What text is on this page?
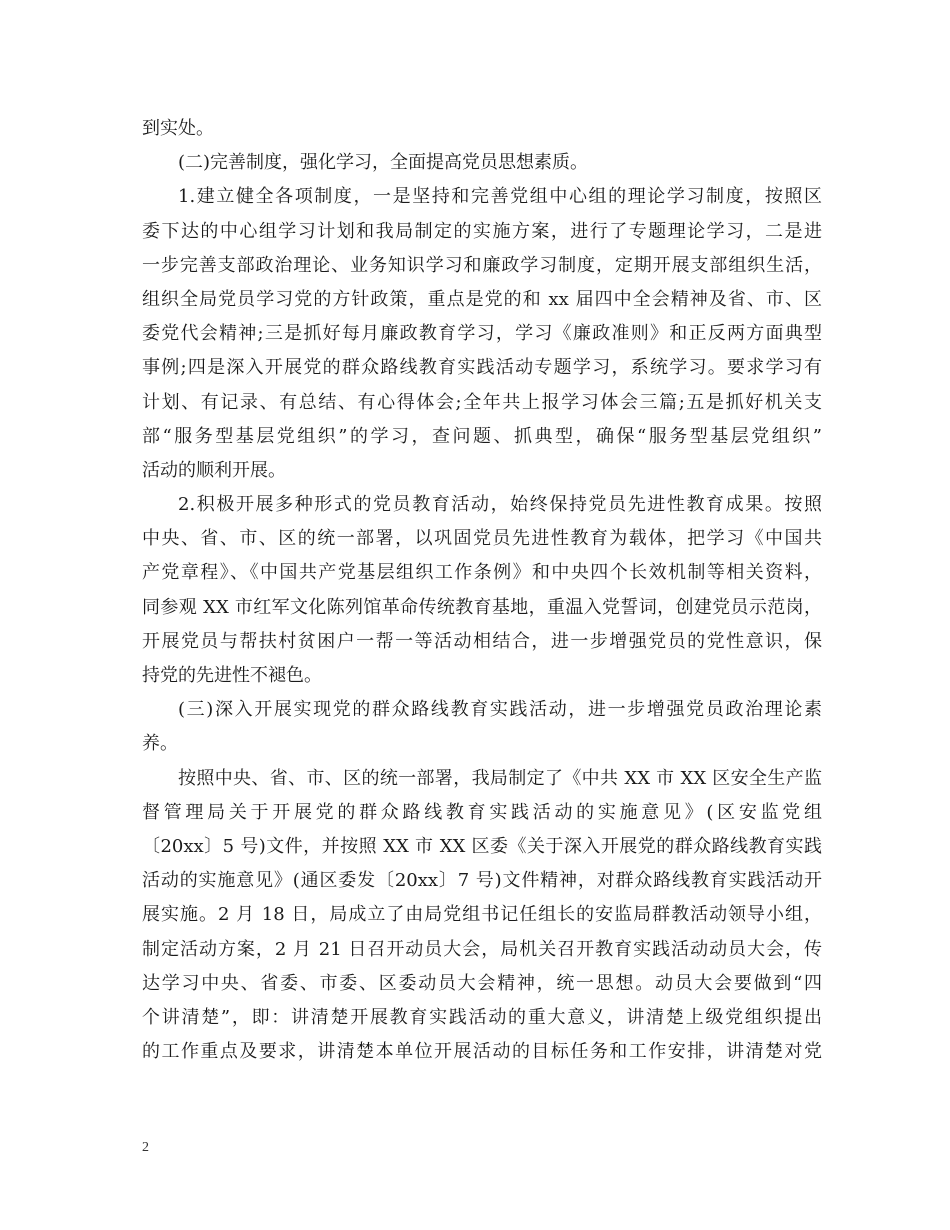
到实处。
(二)完善制度，强化学习，全面提高党员思想素质。
1.建立健全各项制度，一是坚持和完善党组中心组的理论学习制度，按照区
委下达的中心组学习计划和我局制定的实施方案，进行了专题理论学习，二是进
一步完善支部政治理论、业务知识学习和廉政学习制度，定期开展支部组织生活，
组织全局党员学习党的方针政策，重点是党的和 xx 届四中全会精神及省、市、区
委党代会精神;三是抓好每月廉政教育学习，学习《廉政准则》和正反两方面典型
事例;四是深入开展党的群众路线教育实践活动专题学习，系统学习。要求学习有
计划、有记录、有总结、有心得体会;全年共上报学习体会三篇;五是抓好机关支
部“服务型基层党组织”的学习，查问题、抓典型，确保“服务型基层党组织”
活动的顺利开展。
2.积极开展多种形式的党员教育活动，始终保持党员先进性教育成果。按照
中央、省、市、区的统一部署，以巩固党员先进性教育为载体，把学习《中国共
产党章程》、《中国共产党基层组织工作条例》和中央四个长效机制等相关资料，
同参观 XX 市红军文化陈列馆革命传统教育基地，重温入党誓词，创建党员示范岗，
开展党员与帮扶村贫困户一帮一等活动相结合，进一步增强党员的党性意识，保
持党的先进性不褪色。
(三)深入开展实现党的群众路线教育实践活动，进一步增强党员政治理论素
养。
按照中央、省、市、区的统一部署，我局制定了《中共 XX 市 XX 区安全生产监
督管理局关于开展党的群众路线教育实践活动的实施意见》(区安监党组
〔20xx〕5 号)文件，并按照 XX 市 XX 区委《关于深入开展党的群众路线教育实践
活动的实施意见》(通区委发〔20xx〕7 号)文件精神，对群众路线教育实践活动开
展实施。2 月 18 日，局成立了由局党组书记任组长的安监局群教活动领导小组，
制定活动方案，2 月 21 日召开动员大会，局机关召开教育实践活动动员大会，传
达学习中央、省委、市委、区委动员大会精神，统一思想。动员大会要做到“四
个讲清楚”，即：讲清楚开展教育实践活动的重大意义，讲清楚上级党组织提出
的工作重点及要求，讲清楚本单位开展活动的目标任务和工作安排，讲清楚对党
2
